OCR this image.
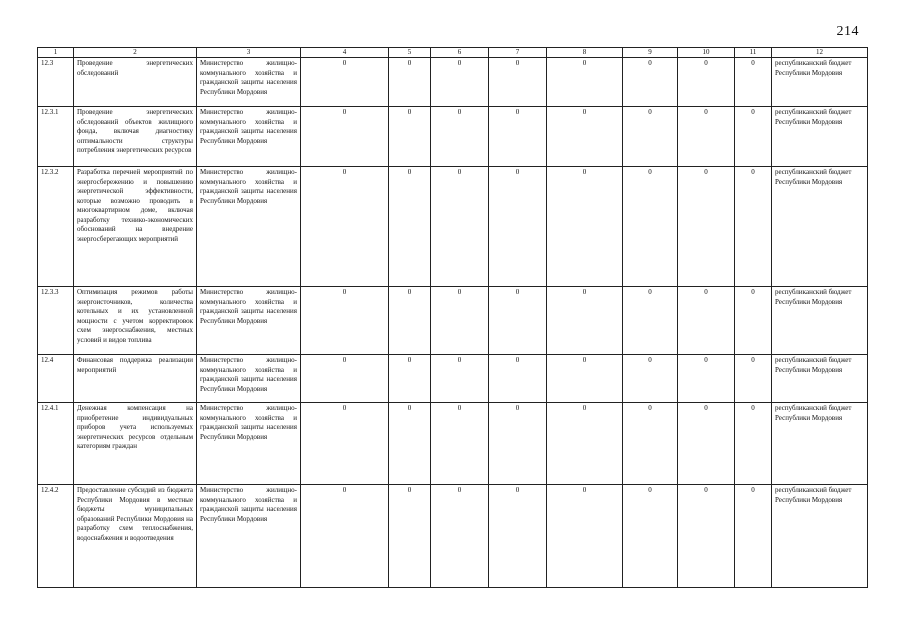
214
1	2	3	4	5	6	7	8	9	10	11	12
12.3	Проведение энергетических обследований	Министерство жилищно-коммунального хозяйства и гражданской защиты населения Республики Мордовия	0	0	0	0	0	0	0	0	республиканский бюджет Республики Мордовия
12.3.1	Проведение энергетических обследований объектов жилищного фонда, включая диагностику оптимальности структуры потребления энергетических ресурсов	Министерство жилищно-коммунального хозяйства и гражданской защиты населения Республики Мордовия	0	0	0	0	0	0	0	0	республиканский бюджет Республики Мордовия
12.3.2	Разработка перечней мероприятий по энергосбережению и повышению энергетической эффективности, которые возможно проводить в многоквартирном доме, включая разработку технико-экономических обоснований на внедрение энергосберегающих мероприятий	Министерство жилищно-коммунального хозяйства и гражданской защиты населения Республики Мордовия	0	0	0	0	0	0	0	0	республиканский бюджет Республики Мордовия
12.3.3	Оптимизация режимов работы энергоисточников, количества котельных и их установленной мощности с учетом корректировок схем энергоснабжения, местных условий и видов топлива	Министерство жилищно-коммунального хозяйства и гражданской защиты населения Республики Мордовия	0	0	0	0	0	0	0	0	республиканский бюджет Республики Мордовия
12.4	Финансовая поддержка реализации мероприятий	Министерство жилищно-коммунального хозяйства и гражданской защиты населения Республики Мордовия	0	0	0	0	0	0	0	0	республиканский бюджет Республики Мордовия
12.4.1	Денежная компенсация на приобретение индивидуальных приборов учета используемых энергетических ресурсов отдельным категориям граждан	Министерство жилищно-коммунального хозяйства и гражданской защиты населения Республики Мордовия	0	0	0	0	0	0	0	0	республиканский бюджет Республики Мордовия
12.4.2	Предоставление субсидий из бюджета Республики Мордовия в местные бюджеты муниципальных образований Республики Мордовия на разработку схем теплоснабжения, водоснабжения и водоотведения	Министерство жилищно-коммунального хозяйства и гражданской защиты населения Республики Мордовия	0	0	0	0	0	0	0	0	республиканский бюджет Республики Мордовия
